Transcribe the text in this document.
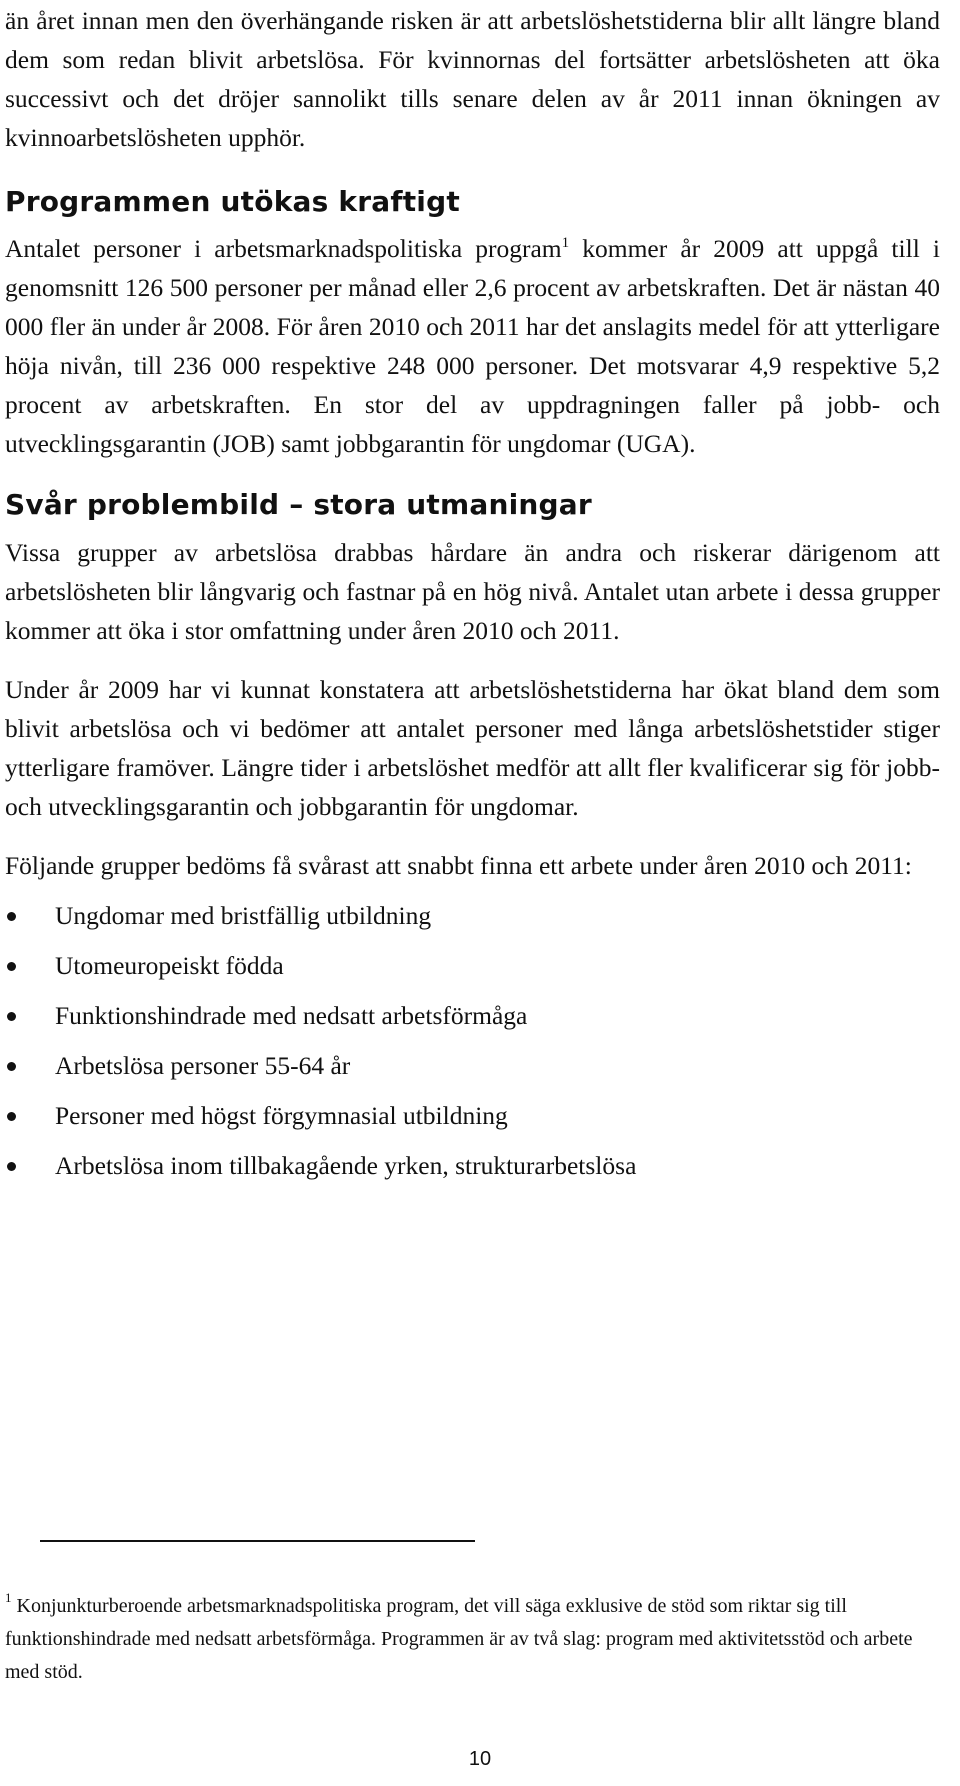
än året innan men den överhängande risken är att arbetslöshetstiderna blir allt längre bland dem som redan blivit arbetslösa. För kvinnornas del fortsätter arbetslösheten att öka successivt och det dröjer sannolikt tills senare delen av år 2011 innan ökningen av kvinnoarbetslösheten upphör.

Programmen utökas kraftigt

Antalet personer i arbetsmarknadspolitiska program$^1$ kommer år 2009 att uppgå till i genomsnitt 126 500 personer per månad eller 2,6 procent av arbetskraften. Det är nästan 40 000 fler än under år 2008. För åren 2010 och 2011 har det anslagits medel för att ytterligare höja nivån, till 236 000 respektive 248 000 personer. Det motsvarar 4,9 respektive 5,2 procent av arbetskraften. En stor del av uppdragningen faller på jobb- och utvecklingsgarantin (JOB) samt jobbgarantin för ungdomar (UGA).

Svår problembild – stora utmaningar

Vissa grupper av arbetslösa drabbas hårdare än andra och riskerar därigenom att arbetslösheten blir långvarig och fastnar på en hög nivå. Antalet utan arbete i dessa grupper kommer att öka i stor omfattning under åren 2010 och 2011.

Under år 2009 har vi kunnat konstatera att arbetslöshetstiderna har ökat bland dem som blivit arbetslösa och vi bedömer att antalet personer med långa arbetslöshetstider stiger ytterligare framöver. Längre tider i arbetslöshet medför att allt fler kvalificerar sig för jobb- och utvecklingsgarantin och jobbgarantin för ungdomar.

Följande grupper bedöms få svårast att snabbt finna ett arbete under åren 2010 och 2011:

Ungdomar med bristfällig utbildning
Utomeuropeiskt födda
Funktionshindrade med nedsatt arbetsförmåga
Arbetslösa personer 55-64 år
Personer med högst förgymnasial utbildning
Arbetslösa inom tillbakagående yrken, strukturarbetslösa

$^1$ Konjunkturberoende arbetsmarknadspolitiska program, det vill säga exklusive de stöd som riktar sig till funktionshindrade med nedsatt arbetsförmåga. Programmen är av två slag: program med aktivitetsstöd och arbete med stöd.

10
